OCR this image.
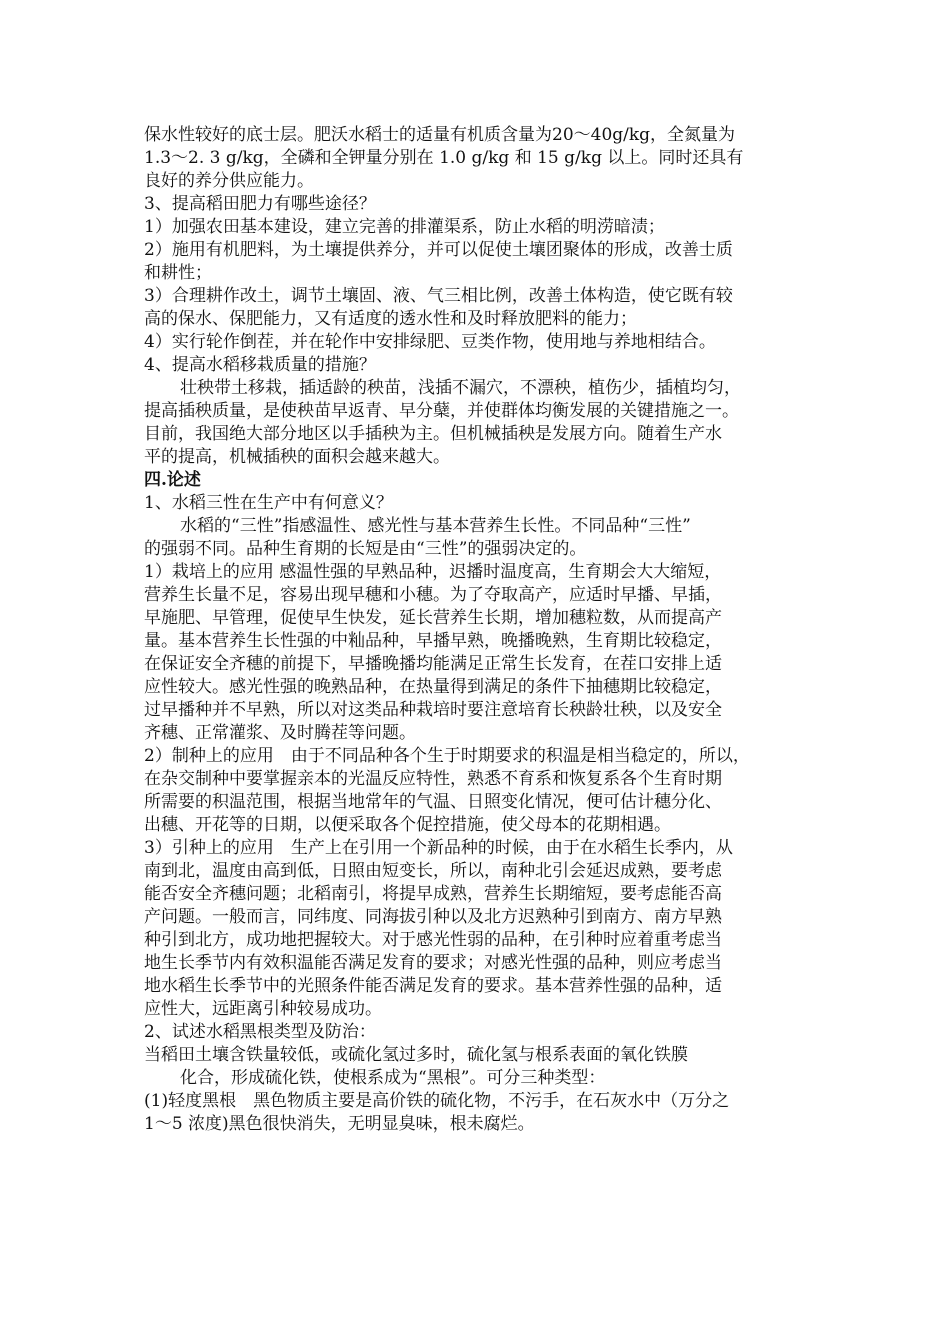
保水性较好的底士层。肥沃水稻士的适量有机质含量为20～40g/kg，全氮量为
1.3～2. 3 g/kg，全磷和全钾量分别在 1.0 g/kg 和 15 g/kg 以上。同时还具有
良好的养分供应能力。
3、提高稻田肥力有哪些途径？
1）加强农田基本建设，建立完善的排灌渠系，防止水稻的明涝暗渍；
2）施用有机肥料，为土壤提供养分，并可以促使土壤团聚体的形成，改善士质
和耕性；
3）合理耕作改土，调节土壤固、液、气三相比例，改善土体构造，使它既有较
高的保水、保肥能力，又有适度的透水性和及时释放肥料的能力；
4）实行轮作倒茬，并在轮作中安排绿肥、豆类作物，使用地与养地相结合。
4、提高水稻移栽质量的措施？
壮秧带土移栽，插适龄的秧苗，浅插不漏穴，不漂秧，植伤少，插植均匀，
提高插秧质量，是使秧苗早返青、早分蘖，并使群体均衡发展的关键措施之一。
目前，我国绝大部分地区以手插秧为主。但机械插秧是发展方向。随着生产水
平的提高，机械插秧的面积会越来越大。
四.论述
1、水稻三性在生产中有何意义？
水稻的“三性”指感温性、感光性与基本营养生长性。不同品种“三性”
的强弱不同。品种生育期的长短是由“三性”的强弱决定的。
1）栽培上的应用 感温性强的早熟品种，迟播时温度高，生育期会大大缩短，
营养生长量不足，容易出现早穗和小穗。为了夺取高产，应适时早播、早插，
早施肥、早管理，促使早生快发，延长营养生长期，增加穗粒数，从而提高产
量。基本营养生长性强的中籼品种，早播早熟，晚播晚熟，生育期比较稳定，
在保证安全齐穗的前提下，早播晚播均能满足正常生长发育，在茬口安排上适
应性较大。感光性强的晚熟品种，在热量得到满足的条件下抽穗期比较稳定，
过早播种并不早熟，所以对这类品种栽培时要注意培育长秧龄壮秧，以及安全
齐穗、正常灌浆、及时腾茬等问题。
2）制种上的应用　由于不同品种各个生于时期要求的积温是相当稳定的，所以，
在杂交制种中要掌握亲本的光温反应特性，熟悉不育系和恢复系各个生育时期
所需要的积温范围，根据当地常年的气温、日照变化情况，便可估计穗分化、
出穗、开花等的日期，以便采取各个促控措施，使父母本的花期相遇。
3）引种上的应用　生产上在引用一个新品种的时候，由于在水稻生长季内，从
南到北，温度由高到低，日照由短变长，所以，南种北引会延迟成熟，要考虑
能否安全齐穗问题；北稻南引，将提早成熟，营养生长期缩短，要考虑能否高
产问题。一般而言，同纬度、同海拔引种以及北方迟熟种引到南方、南方早熟
种引到北方，成功地把握较大。对于感光性弱的品种，在引种时应着重考虑当
地生长季节内有效积温能否满足发育的要求；对感光性强的品种，则应考虑当
地水稻生长季节中的光照条件能否满足发育的要求。基本营养性强的品种，适
应性大，远距离引种较易成功。
2、试述水稻黑根类型及防治：
当稻田土壤含铁量较低，或硫化氢过多时，硫化氢与根系表面的氧化铁膜
化合，形成硫化铁，使根系成为“黑根”。可分三种类型：
(1)轻度黑根　黑色物质主要是高价铁的硫化物，不污手，在石灰水中（万分之
1～5 浓度)黑色很快消失，无明显臭味，根未腐烂。
